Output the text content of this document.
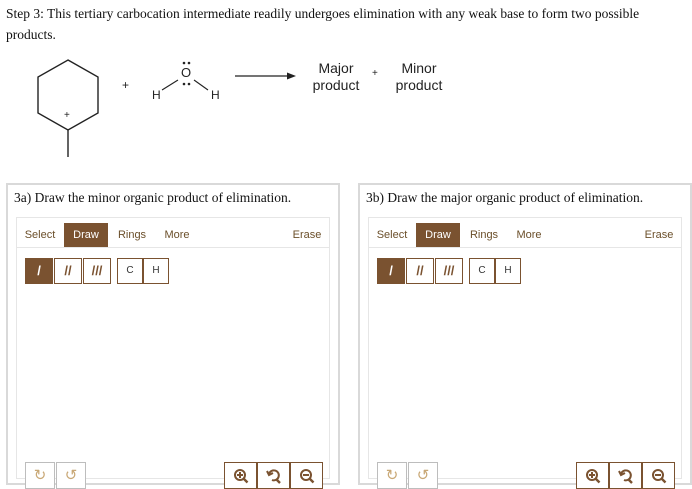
Step 3: This tertiary carbocation intermediate readily undergoes elimination with any weak base to form two possible products.
+
+
O
H	H
Major
product
+	Minor
product
3a) Draw the minor organic product of elimination.
Select	Draw	Rings	More	Erase
/	//	///	C	H
↻	↺
3b) Draw the major organic product of elimination.
Select	Draw	Rings	More	Erase
/	//	///	C	H
↻	↺
